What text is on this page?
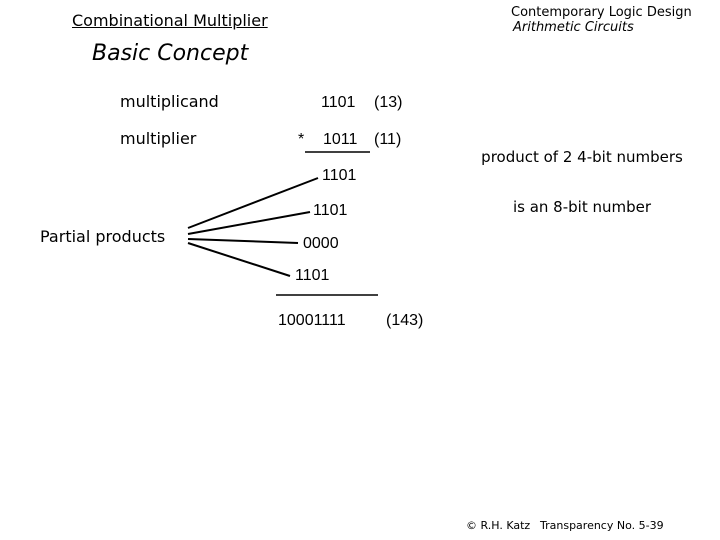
Combinational Multiplier	Contemporary Logic Design
Arithmetic Circuits
Basic Concept
multiplicand	1101 (13)
multiplier	* 1011 (11)

product of 2 4-bit numbers

is an 8-bit number

1101
1101
0000
1101
Partial products
10001111	(143)
© R.H. Katz Transparency No. 5-39
